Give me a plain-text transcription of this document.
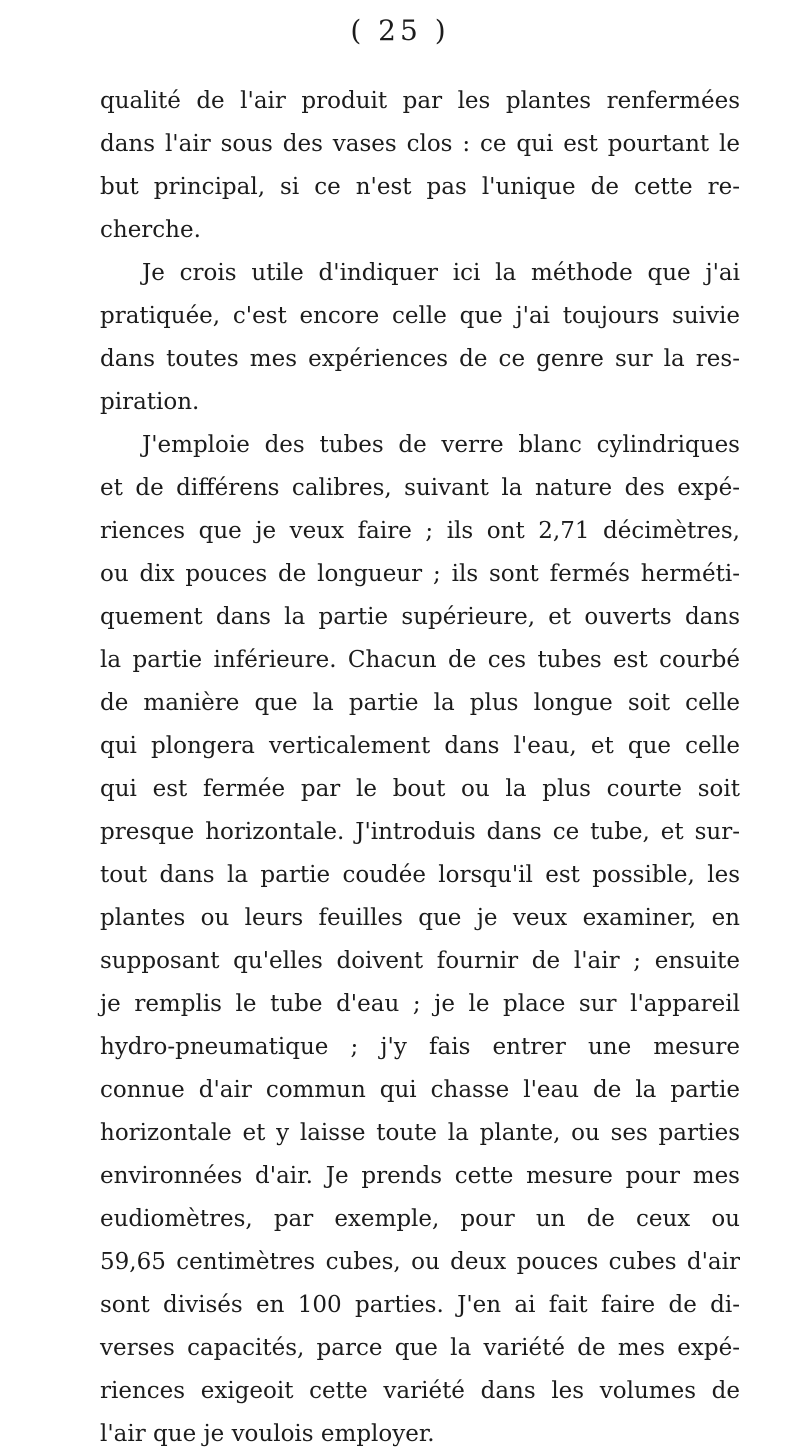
( 25 )
qualité de l'air produit par les plantes renfermées
dans l'air sous des vases clos : ce qui est pourtant le
but principal, si ce n'est pas l'unique de cette re-
cherche.
Je crois utile d'indiquer ici la méthode que j'ai
pratiquée, c'est encore celle que j'ai toujours suivie
dans toutes mes expériences de ce genre sur la res-
piration.
J'emploie des tubes de verre blanc cylindriques
et de différens calibres, suivant la nature des expé-
riences que je veux faire ; ils ont 2,71 décimètres,
ou dix pouces de longueur ; ils sont fermés herméti-
quement dans la partie supérieure, et ouverts dans
la partie inférieure. Chacun de ces tubes est courbé
de manière que la partie la plus longue soit celle
qui plongera verticalement dans l'eau, et que celle
qui est fermée par le bout ou la plus courte soit
presque horizontale. J'introduis dans ce tube, et sur-
tout dans la partie coudée lorsqu'il est possible, les
plantes ou leurs feuilles que je veux examiner, en
supposant qu'elles doivent fournir de l'air ; ensuite
je remplis le tube d'eau ; je le place sur l'appareil
hydro-pneumatique ; j'y fais entrer une mesure
connue d'air commun qui chasse l'eau de la partie
horizontale et y laisse toute la plante, ou ses parties
environnées d'air. Je prends cette mesure pour mes
eudiomètres, par exemple, pour un de ceux ou
59,65 centimètres cubes, ou deux pouces cubes d'air
sont divisés en 100 parties. J'en ai fait faire de di-
verses capacités, parce que la variété de mes expé-
riences exigeoit cette variété dans les volumes de
l'air que je voulois employer.
